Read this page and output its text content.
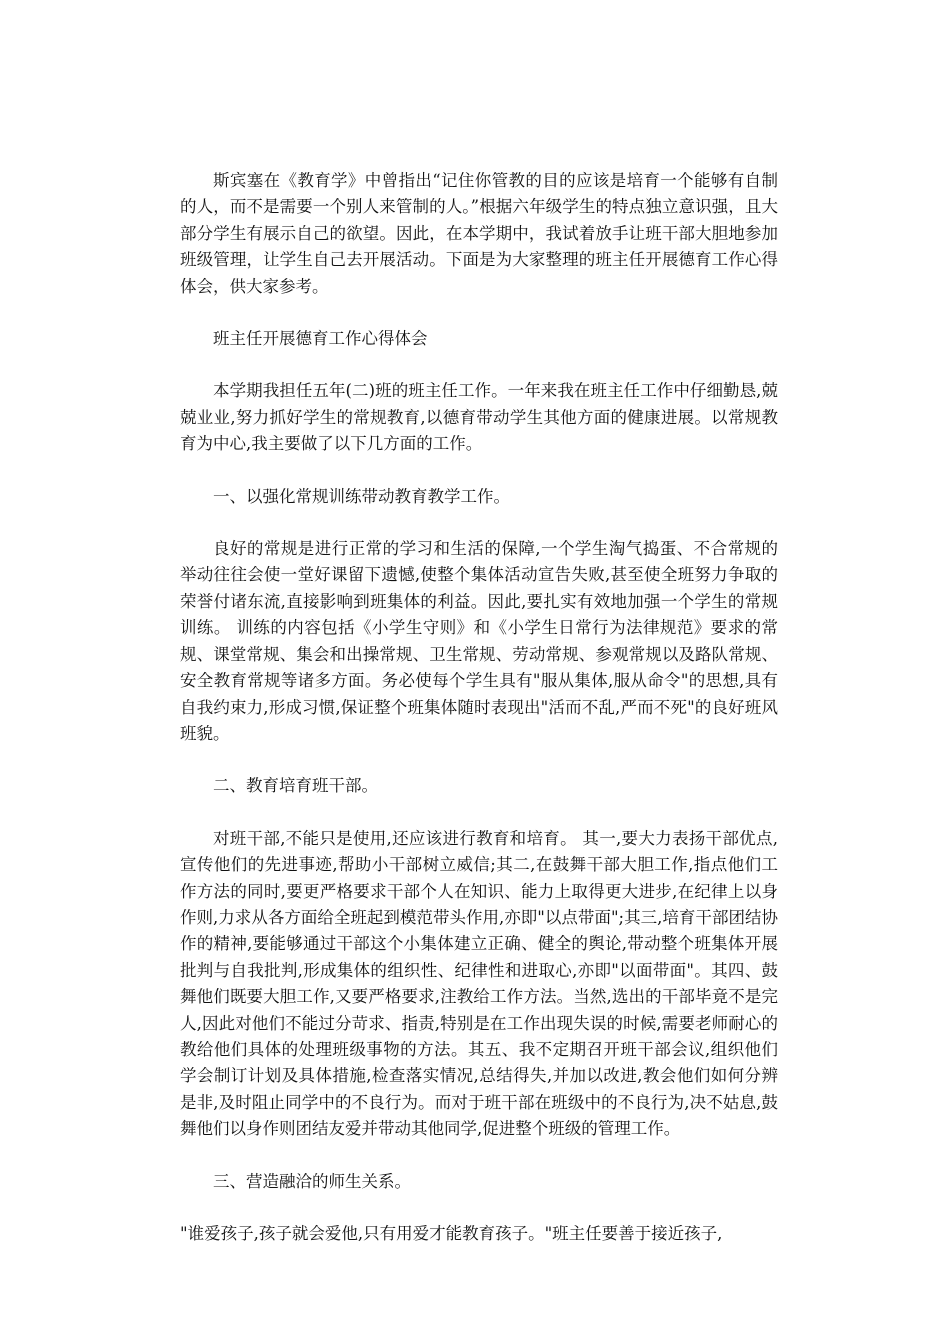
斯宾塞在《教育学》中曾指出“记住你管教的目的应该是培育一个能够有自制的人，而不是需要一个别人来管制的人。”根据六年级学生的特点独立意识强，且大部分学生有展示自己的欲望。因此，在本学期中，我试着放手让班干部大胆地参加班级管理，让学生自己去开展活动。下面是为大家整理的班主任开展德育工作心得体会，供大家参考。

班主任开展德育工作心得体会

本学期我担任五年(二)班的班主任工作。一年来我在班主任工作中仔细勤恳,兢兢业业,努力抓好学生的常规教育,以德育带动学生其他方面的健康进展。以常规教育为中心,我主要做了以下几方面的工作。

一、以强化常规训练带动教育教学工作。

良好的常规是进行正常的学习和生活的保障,一个学生淘气捣蛋、不合常规的举动往往会使一堂好课留下遗憾,使整个集体活动宣告失败,甚至使全班努力争取的荣誉付诸东流,直接影响到班集体的利益。因此,要扎实有效地加强一个学生的常规训练。 训练的内容包括《小学生守则》和《小学生日常行为法律规范》要求的常规、课堂常规、集会和出操常规、卫生常规、劳动常规、参观常规以及路队常规、安全教育常规等诸多方面。务必使每个学生具有"服从集体,服从命令"的思想,具有自我约束力,形成习惯,保证整个班集体随时表现出"活而不乱,严而不死"的良好班风班貌。

二、教育培育班干部。

对班干部,不能只是使用,还应该进行教育和培育。 其一,要大力表扬干部优点,宣传他们的先进事迹,帮助小干部树立威信;其二,在鼓舞干部大胆工作,指点他们工作方法的同时,要更严格要求干部个人在知识、能力上取得更大进步,在纪律上以身作则,力求从各方面给全班起到模范带头作用,亦即"以点带面";其三,培育干部团结协作的精神,要能够通过干部这个小集体建立正确、健全的舆论,带动整个班集体开展批判与自我批判,形成集体的组织性、纪律性和进取心,亦即"以面带面"。其四、鼓舞他们既要大胆工作,又要严格要求,注教给工作方法。当然,选出的干部毕竟不是完人,因此对他们不能过分苛求、指责,特别是在工作出现失误的时候,需要老师耐心的教给他们具体的处理班级事物的方法。其五、我不定期召开班干部会议,组织他们学会制订计划及具体措施,检查落实情况,总结得失,并加以改进,教会他们如何分辨是非,及时阻止同学中的不良行为。而对于班干部在班级中的不良行为,决不姑息,鼓舞他们以身作则团结友爱并带动其他同学,促进整个班级的管理工作。

三、营造融洽的师生关系。

"谁爱孩子,孩子就会爱他,只有用爱才能教育孩子。"班主任要善于接近孩子,
